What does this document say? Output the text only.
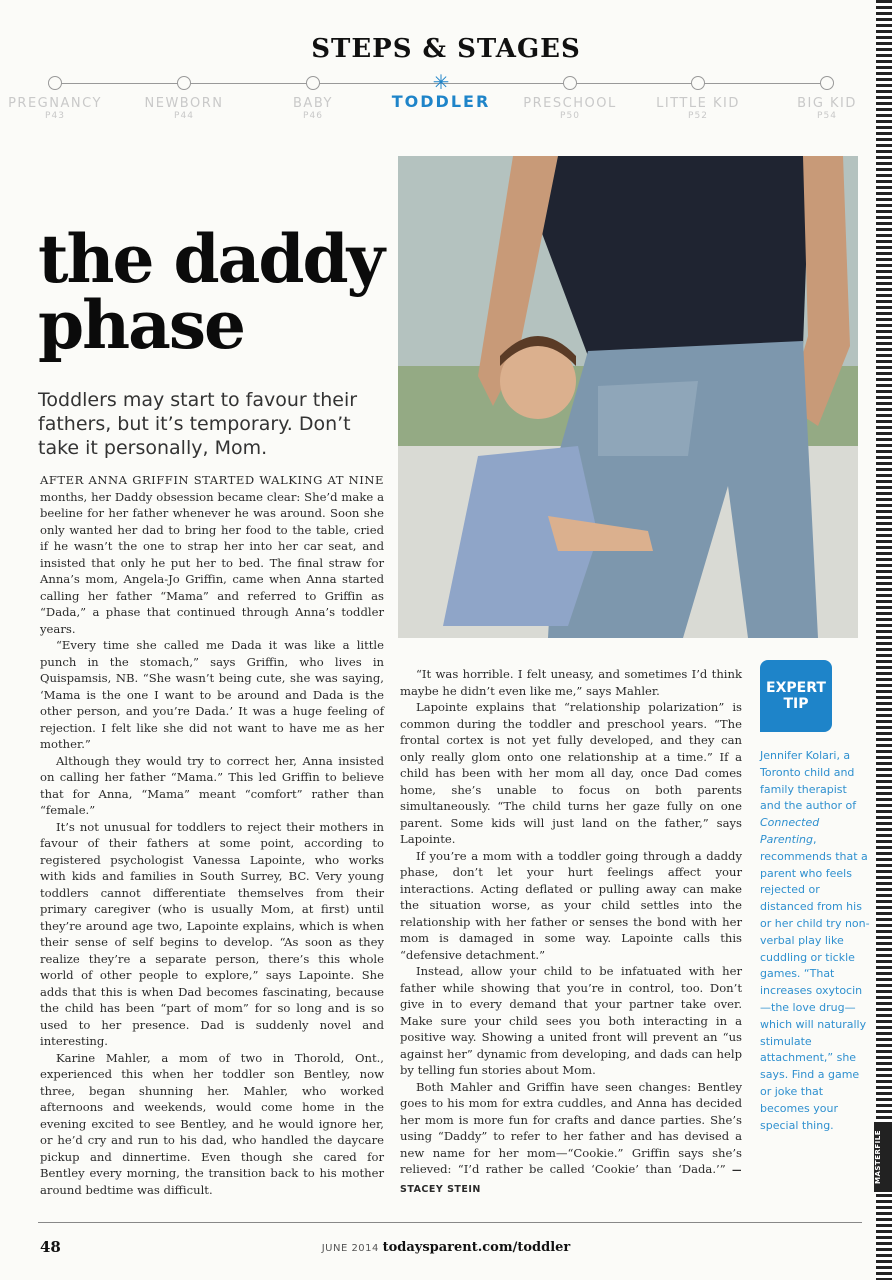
STEPS & STAGES
PREGNANCY
P43
NEWBORN
P44
BABY
P46
✳
TODDLER	PRESCHOOL
P50
LITTLE KID
P52
BIG KID
P54
the daddy
phase
Toddlers may start to favour their fathers, but it’s temporary. Don’t take it personally, Mom.

AFTER ANNA GRIFFIN STARTED WALKING AT NINE months, her Daddy obsession became clear: She’d make a beeline for her father whenever he was around. Soon she only wanted her dad to bring her food to the table, cried if he wasn’t the one to strap her into her car seat, and insisted that only he put her to bed. The final straw for Anna’s mom, Angela-Jo Griffin, came when Anna started calling her father “Mama” and referred to Griffin as “Dada,” a phase that continued through Anna’s toddler years.

“Every time she called me Dada it was like a little punch in the stomach,” says Griffin, who lives in Quispamsis, NB. “She wasn’t being cute, she was saying, ‘Mama is the one I want to be around and Dada is the other person, and you’re Dada.’ It was a huge feeling of rejection. I felt like she did not want to have me as her mother.”

Although they would try to correct her, Anna insisted on calling her father “Mama.” This led Griffin to believe that for Anna, “Mama” meant “comfort” rather than “female.”

It’s not unusual for toddlers to reject their mothers in favour of their fathers at some point, according to registered psychologist Vanessa Lapointe, who works with kids and families in South Surrey, BC. Very young toddlers cannot differentiate themselves from their primary caregiver (who is usually Mom, at first) until they’re around age two, Lapointe explains, which is when their sense of self begins to develop. “As soon as they realize they’re a separate person, there’s this whole world of other people to explore,” says Lapointe. She adds that this is when Dad becomes fascinating, because the child has been “part of mom” for so long and is so used to her presence. Dad is suddenly novel and interesting.

Karine Mahler, a mom of two in Thorold, Ont., experienced this when her toddler son Bentley, now three, began shunning her. Mahler, who worked afternoons and weekends, would come home in the evening excited to see Bentley, and he would ignore her, or he’d cry and run to his dad, who handled the daycare pickup and dinnertime. Even though she cared for Bentley every morning, the transition back to his mother around bedtime was difficult.

“It was horrible. I felt uneasy, and sometimes I’d think maybe he didn’t even like me,” says Mahler.

Lapointe explains that “relationship polarization” is common during the toddler and preschool years. “The frontal cortex is not yet fully developed, and they can only really glom onto one relationship at a time.” If a child has been with her mom all day, once Dad comes home, she’s unable to focus on both parents simultaneously. “The child turns her gaze fully on one parent. Some kids will just land on the father,” says Lapointe.

If you’re a mom with a toddler going through a daddy phase, don’t let your hurt feelings affect your interactions. Acting deflated or pulling away can make the situation worse, as your child settles into the relationship with her father or senses the bond with her mom is damaged in some way. Lapointe calls this “defensive detachment.”

Instead, allow your child to be infatuated with her father while showing that you’re in control, too. Don’t give in to every demand that your partner take over. Make sure your child sees you both interacting in a positive way. Showing a united front will prevent an “us against her” dynamic from developing, and dads can help by telling fun stories about Mom.

Both Mahler and Griffin have seen changes: Bentley goes to his mom for extra cuddles, and Anna has decided her mom is more fun for crafts and dance parties. She’s using “Daddy” to refer to her father and has devised a new name for her mom—“Cookie.” Griffin says she’s relieved: “I’d rather be called ‘Cookie’ than ‘Dada.’” —STACEY STEIN

EXPERT
TIP
Jennifer Kolari, a Toronto child and family therapist and the author of Connected Parenting, recommends that a parent who feels rejected or distanced from his or her child try non-verbal play like cuddling or tickle games. “That increases oxytocin—the love drug—which will naturally stimulate attachment,” she says. Find a game or joke that becomes your special thing.
MASTERFILE
48	JUNE 2014 todaysparent.com/toddler
